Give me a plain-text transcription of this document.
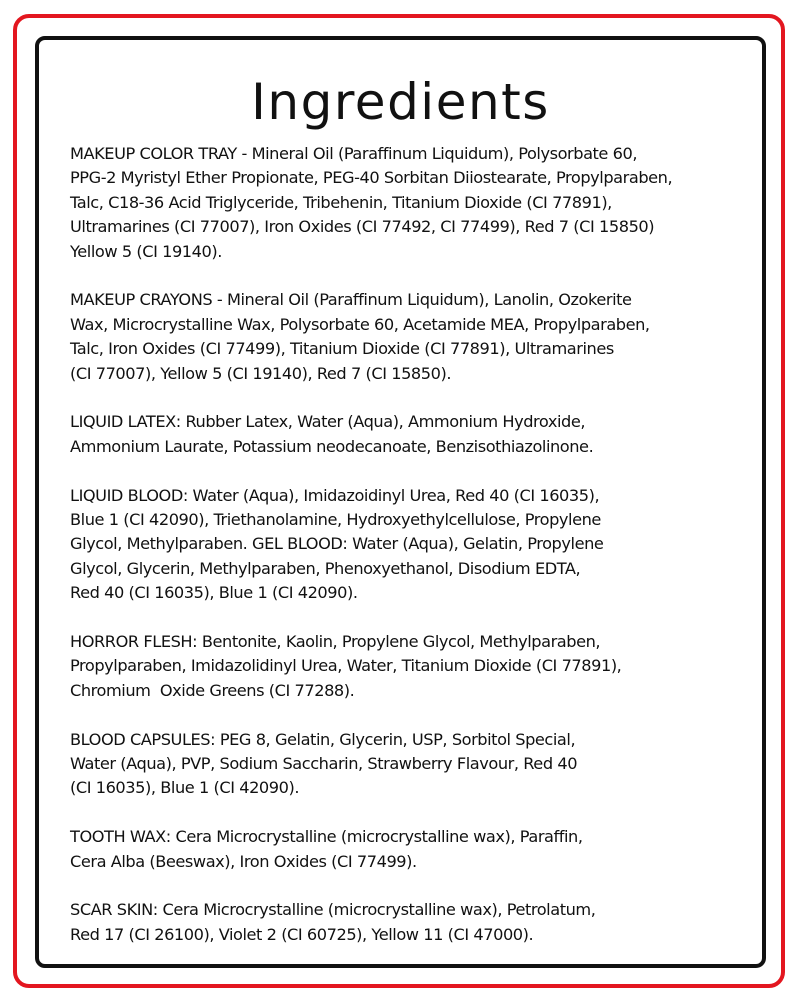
Ingredients

MAKEUP COLOR TRAY - Mineral Oil (Paraffinum Liquidum), Polysorbate 60,
PPG-2 Myristyl Ether Propionate, PEG-40 Sorbitan Diiostearate, Propylparaben,
Talc, C18-36 Acid Triglyceride, Tribehenin, Titanium Dioxide (CI 77891),
Ultramarines (CI 77007), Iron Oxides (CI 77492, CI 77499), Red 7 (CI 15850)
Yellow 5 (CI 19140).

MAKEUP CRAYONS - Mineral Oil (Paraffinum Liquidum), Lanolin, Ozokerite
Wax, Microcrystalline Wax, Polysorbate 60, Acetamide MEA, Propylparaben,
Talc, Iron Oxides (CI 77499), Titanium Dioxide (CI 77891), Ultramarines
(CI 77007), Yellow 5 (CI 19140), Red 7 (CI 15850).

LIQUID LATEX: Rubber Latex, Water (Aqua), Ammonium Hydroxide,
Ammonium Laurate, Potassium neodecanoate, Benzisothiazolinone.

LIQUID BLOOD: Water (Aqua), Imidazoidinyl Urea, Red 40 (CI 16035),
Blue 1 (CI 42090), Triethanolamine, Hydroxyethylcellulose, Propylene
Glycol, Methylparaben. GEL BLOOD: Water (Aqua), Gelatin, Propylene
Glycol, Glycerin, Methylparaben, Phenoxyethanol, Disodium EDTA,
Red 40 (CI 16035), Blue 1 (CI 42090).

HORROR FLESH: Bentonite, Kaolin, Propylene Glycol, Methylparaben,
Propylparaben, Imidazolidinyl Urea, Water, Titanium Dioxide (CI 77891),
Chromium  Oxide Greens (CI 77288).

BLOOD CAPSULES: PEG 8, Gelatin, Glycerin, USP, Sorbitol Special,
Water (Aqua), PVP, Sodium Saccharin, Strawberry Flavour, Red 40
(CI 16035), Blue 1 (CI 42090).

TOOTH WAX: Cera Microcrystalline (microcrystalline wax), Paraffin,
Cera Alba (Beeswax), Iron Oxides (CI 77499).

SCAR SKIN: Cera Microcrystalline (microcrystalline wax), Petrolatum,
Red 17 (CI 26100), Violet 2 (CI 60725), Yellow 11 (CI 47000).
